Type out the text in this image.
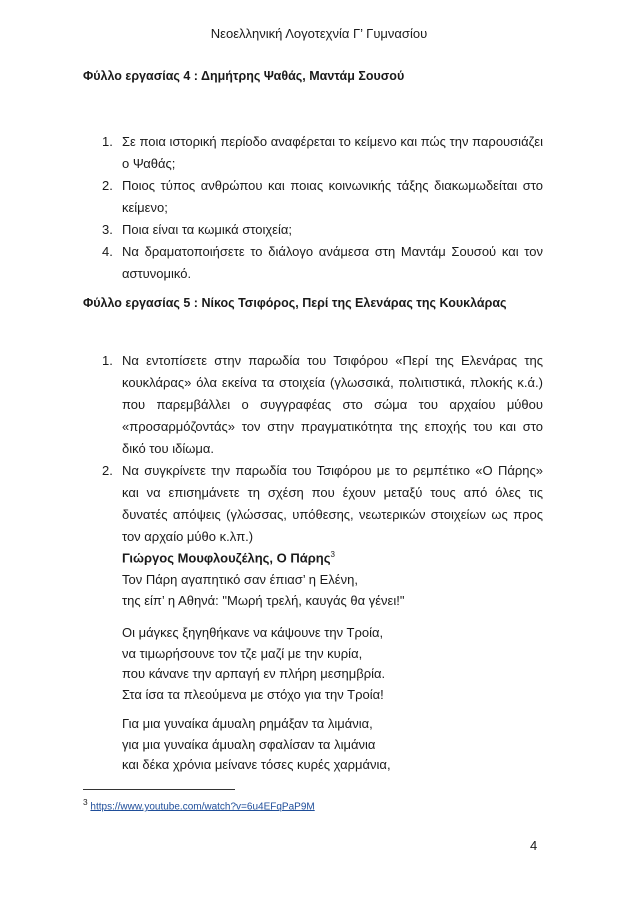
Νεοελληνική Λογοτεχνία Γ’ Γυμνασίου
Φύλλο εργασίας 4 : Δημήτρης Ψαθάς, Μαντάμ Σουσού
1. Σε ποια ιστορική περίοδο αναφέρεται το κείμενο και πώς την παρουσιάζει ο Ψαθάς;
2. Ποιος τύπος ανθρώπου και ποιας κοινωνικής τάξης διακωμωδείται στο κείμενο;
3. Ποια είναι τα κωμικά στοιχεία;
4. Να δραματοποιήσετε το διάλογο ανάμεσα στη Μαντάμ Σουσού και τον αστυνομικό.
Φύλλο εργασίας 5 : Νίκος Τσιφόρος, Περί της Ελενάρας της Κουκλάρας
1. Να εντοπίσετε στην παρωδία του Τσιφόρου «Περί της Ελενάρας της κουκλάρας» όλα εκείνα τα στοιχεία (γλωσσικά, πολιτιστικά, πλοκής κ.ά.) που παρεμβάλλει ο συγγραφέας στο σώμα του αρχαίου μύθου «προσαρμόζοντάς» τον στην πραγματικότητα της εποχής του και στο δικό του ιδίωμα.
2. Να συγκρίνετε την παρωδία του Τσιφόρου με το ρεμπέτικο «Ο Πάρης» και να επισημάνετε τη σχέση που έχουν μεταξύ τους από όλες τις δυνατές απόψεις (γλώσσας, υπόθεσης, νεωτερικών στοιχείων ως προς τον αρχαίο μύθο κ.λπ.)
Γιώργος Μουφλουζέλης, Ο Πάρης$^3$
Τον Πάρη αγαπητικό σαν έπιασ’ η Ελένη,
της είπ’ η Αθηνά: "Μωρή τρελή, καυγάς θα γένει!"
Οι μάγκες ξηγηθήκανε να κάψουνε την Τροία,
να τιμωρήσουνε τον τζε μαζί με την κυρία,
που κάνανε την αρπαγή εν πλήρη μεσημβρία.
Στα ίσα τα πλεούμενα με στόχο για την Τροία!
Για μια γυναίκα άμυαλη ρημάξαν τα λιμάνια,
για μια γυναίκα άμυαλη σφαλίσαν τα λιμάνια
και δέκα χρόνια μείνανε τόσες κυρές χαρμάνια,
$^3$ https://www.youtube.com/watch?v=6u4EFqPaP9M
4
